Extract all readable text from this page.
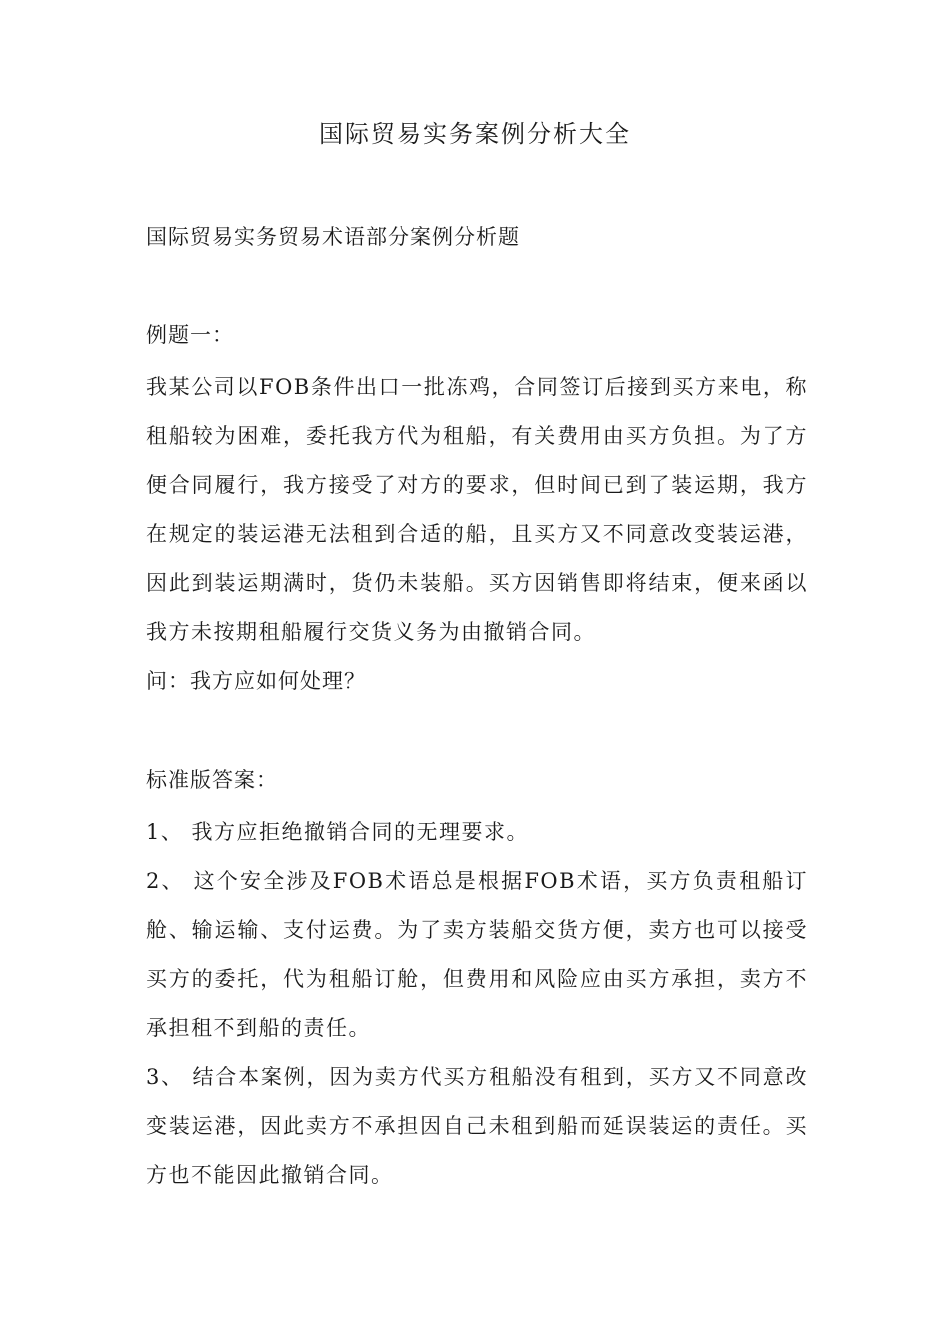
国际贸易实务案例分析大全
国际贸易实务贸易术语部分案例分析题
例题一：
我某公司以FOB条件出口一批冻鸡，合同签订后接到买方来电，称租船较为困难，委托我方代为租船，有关费用由买方负担。为了方便合同履行，我方接受了对方的要求，但时间已到了装运期，我方在规定的装运港无法租到合适的船，且买方又不同意改变装运港，因此到装运期满时，货仍未装船。买方因销售即将结束，便来函以我方未按期租船履行交货义务为由撤销合同。
问：我方应如何处理？
标准版答案：
1、 我方应拒绝撤销合同的无理要求。
2、 这个安全涉及FOB术语总是根据FOB术语，买方负责租船订舱、输运输、支付运费。为了卖方装船交货方便，卖方也可以接受买方的委托，代为租船订舱，但费用和风险应由买方承担，卖方不承担租不到船的责任。
3、 结合本案例，因为卖方代买方租船没有租到，买方又不同意改变装运港，因此卖方不承担因自己未租到船而延误装运的责任。买方也不能因此撤销合同。
